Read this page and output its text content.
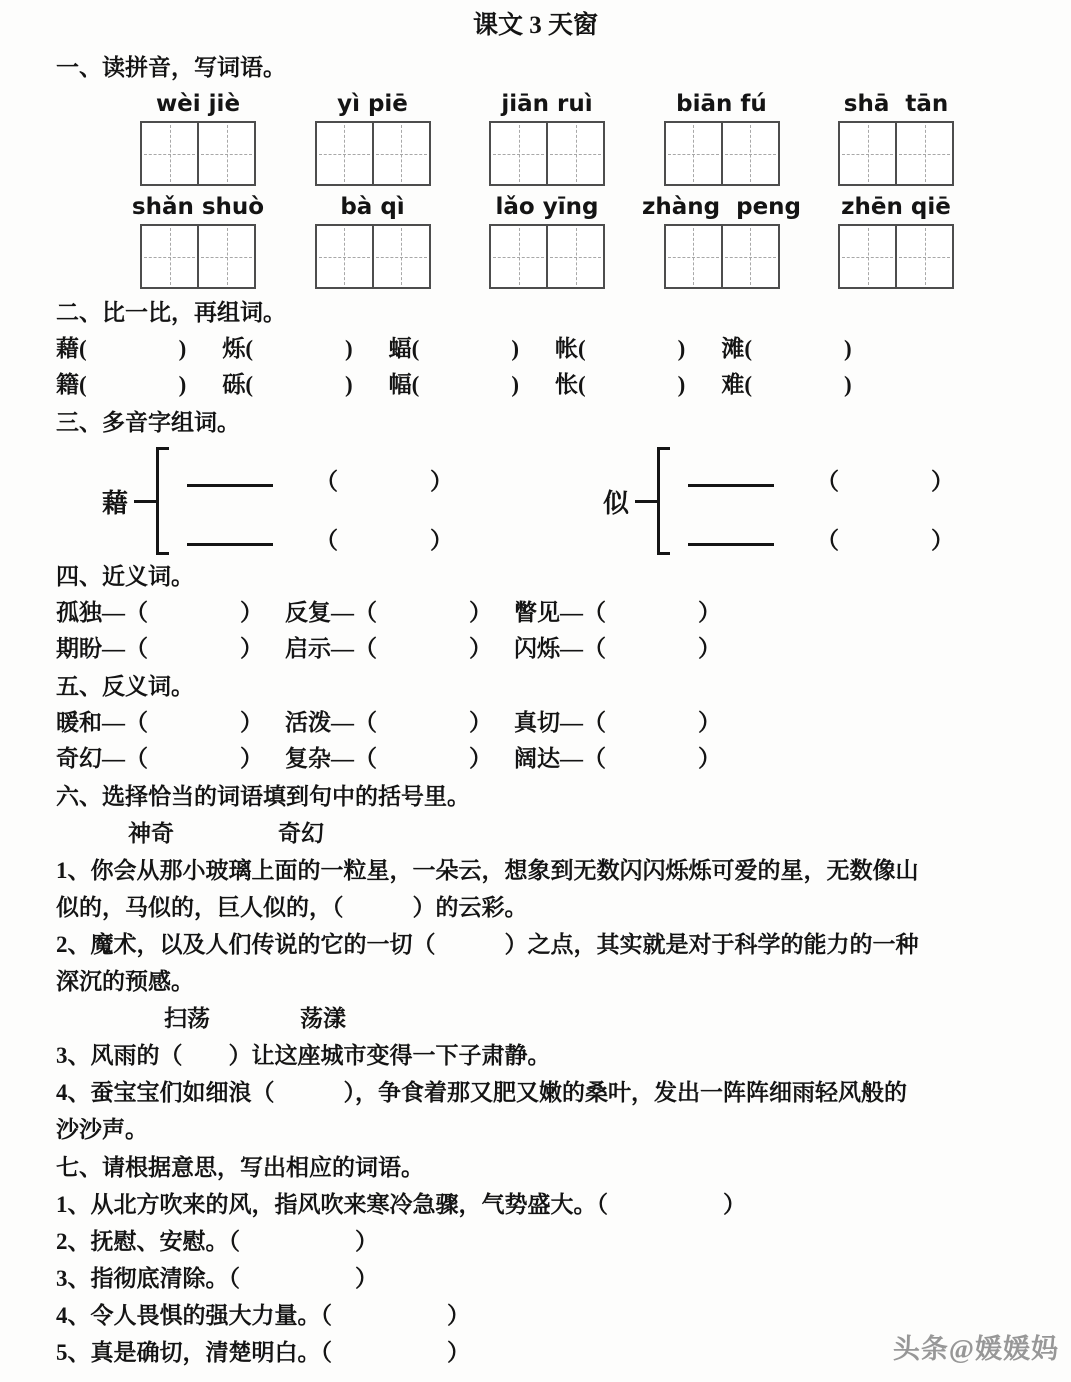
课文 3 天窗
一、读拼音，写词语。
wèi jiè	yì piē	jiān ruì	biān fú	shā  tān
shǎn shuò	bà qì	lǎo yīng	zhàng  peng	zhēn qiē
二、比一比，再组词。
藉(　　　　) 烁(　　　　) 蝠(　　　　) 帐(　　　　) 滩(　　　　)
籍(　　　　) 砾(　　　　) 幅(　　　　) 怅(　　　　) 难(　　　　)
三、多音字组词。
藉
（　　　　）
（　　　　）
似
（　　　　）
（　　　　）
四、近义词。
孤独—（　　　　） 反复—（　　　　） 瞥见—（　　　　）
期盼—（　　　　） 启示—（　　　　） 闪烁—（　　　　）
五、反义词。
暖和—（　　　　） 活泼—（　　　　） 真切—（　　　　）
奇幻—（　　　　） 复杂—（　　　　） 阔达—（　　　　）
六、选择恰当的词语填到句中的括号里。
神奇	奇幻
1、你会从那小玻璃上面的一粒星，一朵云，想象到无数闪闪烁烁可爱的星，无数像山
似的，马似的，巨人似的，（　　　）的云彩。
2、魔术，以及人们传说的它的一切（　　　）之点，其实就是对于科学的能力的一种
深沉的预感。
扫荡	荡漾
3、风雨的（　　）让这座城市变得一下子肃静。
4、蚕宝宝们如细浪（　　　），争食着那又肥又嫩的桑叶，发出一阵阵细雨轻风般的
沙沙声。
七、请根据意思，写出相应的词语。
1、从北方吹来的风，指风吹来寒冷急骤，气势盛大。（　　　　　）
2、抚慰、安慰。（　　　　　）
3、指彻底清除。（　　　　　）
4、令人畏惧的强大力量。（　　　　　）
5、真是确切，清楚明白。（　　　　　）	头条@媛媛妈
